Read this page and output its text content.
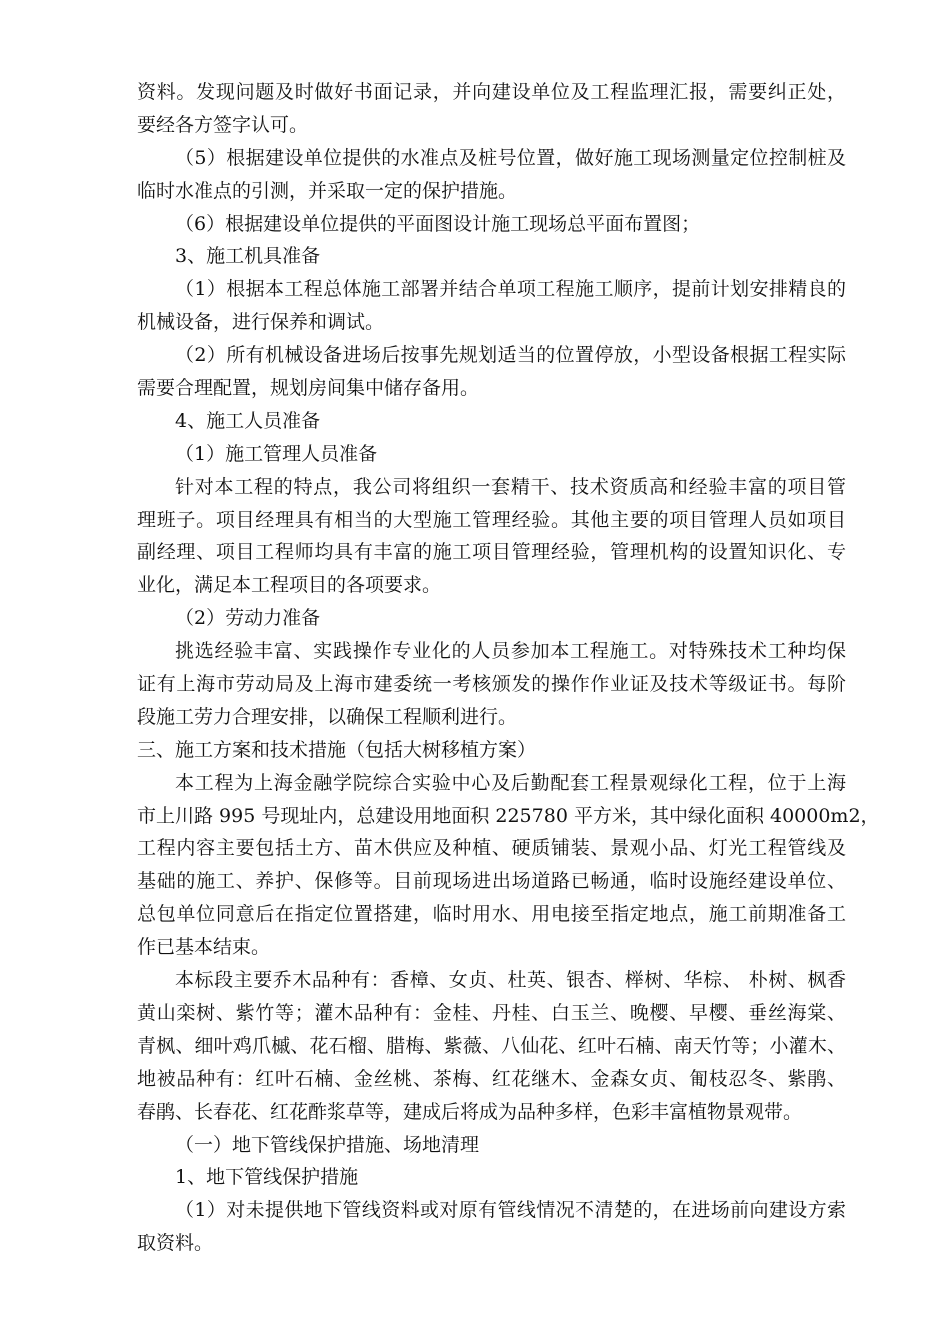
资料。发现问题及时做好书面记录，并向建设单位及工程监理汇报，需要纠正处，
要经各方签字认可。
（5）根据建设单位提供的水准点及桩号位置，做好施工现场测量定位控制桩及
临时水准点的引测，并采取一定的保护措施。
（6）根据建设单位提供的平面图设计施工现场总平面布置图；
3、施工机具准备
（1）根据本工程总体施工部署并结合单项工程施工顺序，提前计划安排精良的
机械设备，进行保养和调试。
（2）所有机械设备进场后按事先规划适当的位置停放，小型设备根据工程实际
需要合理配置，规划房间集中储存备用。
4、施工人员准备
（1）施工管理人员准备
针对本工程的特点，我公司将组织一套精干、技术资质高和经验丰富的项目管
理班子。项目经理具有相当的大型施工管理经验。其他主要的项目管理人员如项目
副经理、项目工程师均具有丰富的施工项目管理经验，管理机构的设置知识化、专
业化，满足本工程项目的各项要求。
（2）劳动力准备
挑选经验丰富、实践操作专业化的人员参加本工程施工。对特殊技术工种均保
证有上海市劳动局及上海市建委统一考核颁发的操作作业证及技术等级证书。每阶
段施工劳力合理安排，以确保工程顺利进行。
三、施工方案和技术措施（包括大树移植方案）
本工程为上海金融学院综合实验中心及后勤配套工程景观绿化工程，位于上海
市上川路 995 号现址内，总建设用地面积 225780 平方米，其中绿化面积 40000m2，
工程内容主要包括土方、苗木供应及种植、硬质铺装、景观小品、灯光工程管线及
基础的施工、养护、保修等。目前现场进出场道路已畅通，临时设施经建设单位、
总包单位同意后在指定位置搭建，临时用水、用电接至指定地点，施工前期准备工
作已基本结束。
本标段主要乔木品种有：香樟、女贞、杜英、银杏、榉树、华棕、 朴树、枫香
黄山栾树、紫竹等；灌木品种有：金桂、丹桂、白玉兰、晚樱、早樱、垂丝海棠、
青枫、细叶鸡爪槭、花石榴、腊梅、紫薇、八仙花、红叶石楠、南天竹等；小灌木、
地被品种有：红叶石楠、金丝桃、茶梅、红花继木、金森女贞、匍枝忍冬、紫鹃、
春鹃、长春花、红花酢浆草等，建成后将成为品种多样，色彩丰富植物景观带。
（一）地下管线保护措施、场地清理
1、地下管线保护措施
（1）对未提供地下管线资料或对原有管线情况不清楚的，在进场前向建设方索
取资料。
